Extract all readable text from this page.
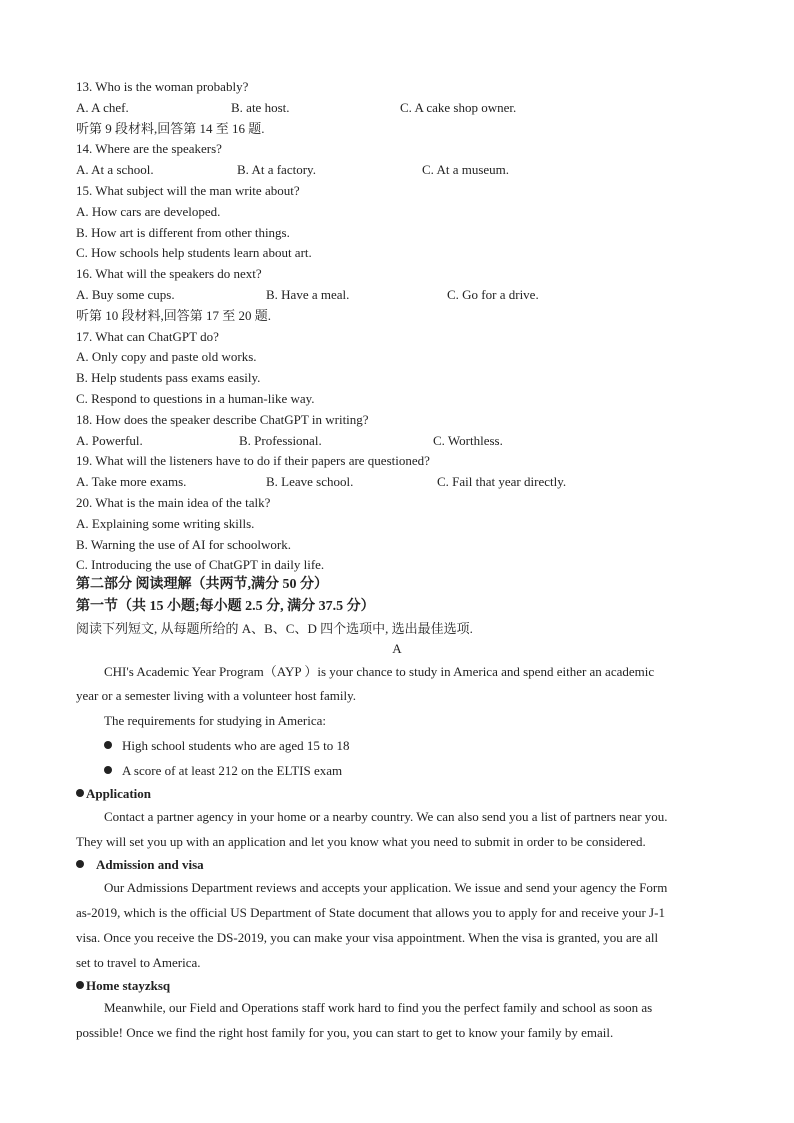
13. Who is the woman probably?
A. A chef.	B. ate host.	C. A cake shop owner.
听第 9 段材料,回答第 14 至 16 题.
14. Where are the speakers?
A. At a school.	B. At a factory.	C. At a museum.
15. What subject will the man write about?
A. How cars are developed.
B. How art is different from other things.
C. How schools help students learn about art.
16. What will the speakers do next?
A. Buy some cups.	B. Have a meal.	C. Go for a drive.
听第 10 段材料,回答第 17 至 20 题.
17. What can ChatGPT do?
A. Only copy and paste old works.
B. Help students pass exams easily.
C. Respond to questions in a human-like way.
18. How does the speaker describe ChatGPT in writing?
A. Powerful.	B. Professional.	C. Worthless.
19. What will the listeners have to do if their papers are questioned?
A. Take more exams.	B. Leave school.	C. Fail that year directly.
20. What is the main idea of the talk?
A. Explaining some writing skills.
B. Warning the use of AI for schoolwork.
C. Introducing the use of ChatGPT in daily life.
第二部分 阅读理解（共两节,满分 50 分）
第一节（共 15 小题;每小题 2.5 分, 满分 37.5 分）
阅读下列短文, 从每题所给的 A、B、C、D 四个选项中, 选出最佳选项.
A
CHI's Academic Year Program（AYP ）is your chance to study in America and spend either an academic
year or a semester living with a volunteer host family.
The requirements for studying in America:
High school students who are aged 15 to 18
A score of at least 212 on the ELTIS exam
Application
Contact a partner agency in your home or a nearby country. We can also send you a list of partners near you.
They will set you up with an application and let you know what you need to submit in order to be considered.
Admission and visa
Our Admissions Department reviews and accepts your application. We issue and send your agency the Form
as-2019, which is the official US Department of State document that allows you to apply for and receive your J-1
visa. Once you receive the DS-2019, you can make your visa appointment. When the visa is granted, you are all
set to travel to America.
Home stayzksq
Meanwhile, our Field and Operations staff work hard to find you the perfect family and school as soon as
possible! Once we find the right host family for you, you can start to get to know your family by email.
